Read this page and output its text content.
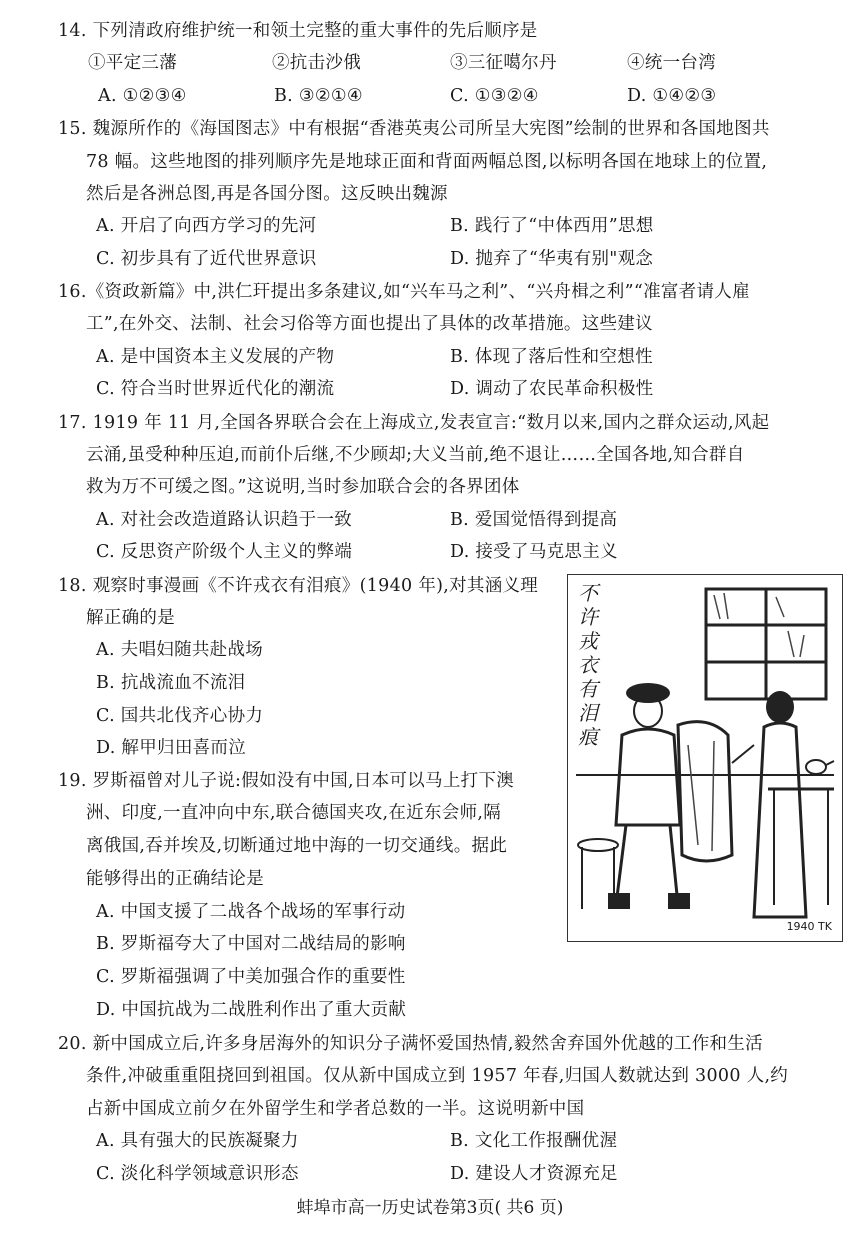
14. 下列清政府维护统一和领土完整的重大事件的先后顺序是
①平定三藩	②抗击沙俄	③三征噶尔丹	④统一台湾
A. ①②③④	B. ③②①④	C. ①③②④	D. ①④②③
15. 魏源所作的《海国图志》中有根据“香港英夷公司所呈大宪图”绘制的世界和各国地图共
78 幅。这些地图的排列顺序先是地球正面和背面两幅总图,以标明各国在地球上的位置,
然后是各洲总图,再是各国分图。这反映出魏源
A. 开启了向西方学习的先河	B. 践行了“中体西用”思想
C. 初步具有了近代世界意识	D. 抛弃了“华夷有别"观念
16.《资政新篇》中,洪仁玕提出多条建议,如“兴车马之利”、“兴舟楫之利”“准富者请人雇
工”,在外交、法制、社会习俗等方面也提出了具体的改革措施。这些建议
A. 是中国资本主义发展的产物	B. 体现了落后性和空想性
C. 符合当时世界近代化的潮流	D. 调动了农民革命积极性
17. 1919 年 11 月,全国各界联合会在上海成立,发表宣言:“数月以来,国内之群众运动,风起
云涌,虽受种种压迫,而前仆后继,不少顾却;大义当前,绝不退让……全国各地,知合群自
救为万不可缓之图。”这说明,当时参加联合会的各界团体
A. 对社会改造道路认识趋于一致	B. 爱国觉悟得到提高
C. 反思资产阶级个人主义的弊端	D. 接受了马克思主义
18. 观察时事漫画《不许戎衣有泪痕》(1940 年),对其涵义理
解正确的是
A. 夫唱妇随共赴战场
B. 抗战流血不流泪
C. 国共北伐齐心协力
D. 解甲归田喜而泣
不
许
戎
衣
有
泪
痕
1940 TK
19. 罗斯福曾对儿子说:假如没有中国,日本可以马上打下澳
洲、印度,一直冲向中东,联合德国夹攻,在近东会师,隔
离俄国,吞并埃及,切断通过地中海的一切交通线。据此
能够得出的正确结论是
A. 中国支援了二战各个战场的军事行动
B. 罗斯福夸大了中国对二战结局的影响
C. 罗斯福强调了中美加强合作的重要性
D. 中国抗战为二战胜利作出了重大贡献
20. 新中国成立后,许多身居海外的知识分子满怀爱国热情,毅然舍弃国外优越的工作和生活
条件,冲破重重阻挠回到祖国。仅从新中国成立到 1957 年春,归国人数就达到 3000 人,约
占新中国成立前夕在外留学生和学者总数的一半。这说明新中国
A. 具有强大的民族凝聚力	B. 文化工作报酬优渥
C. 淡化科学领域意识形态	D. 建设人才资源充足
蚌埠市高一历史试卷第3页( 共6 页)
